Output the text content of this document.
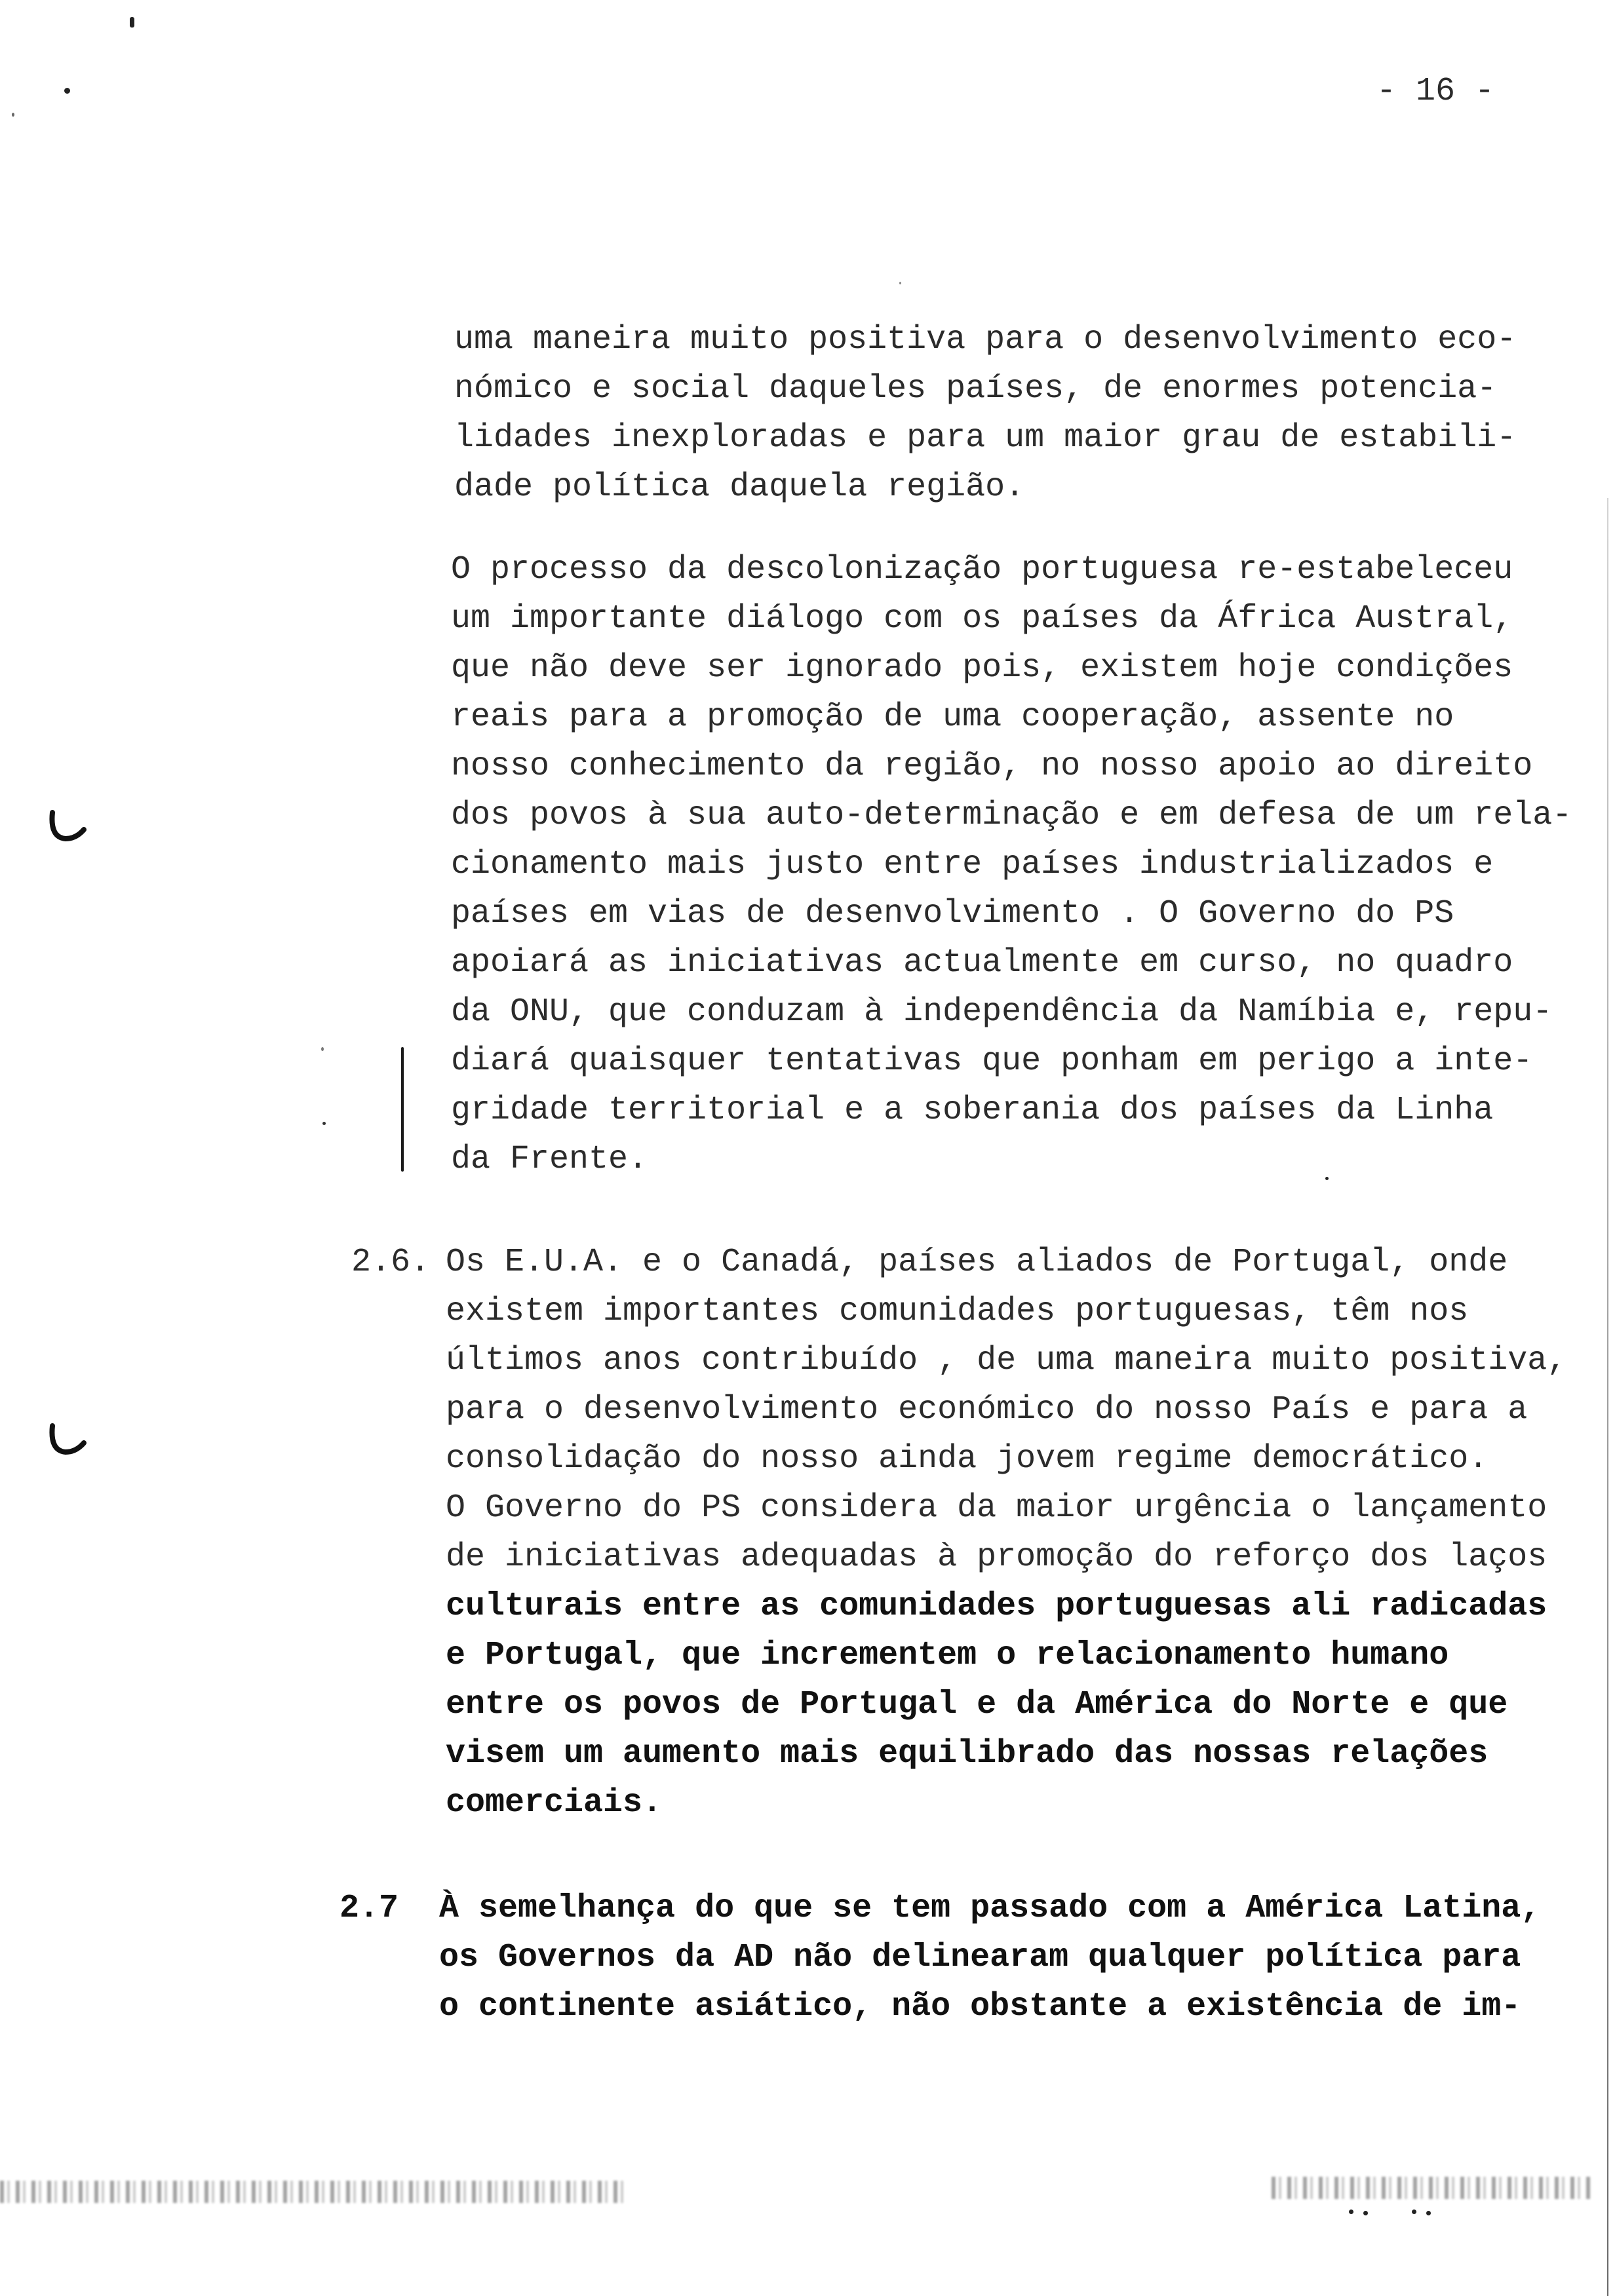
- 16 -
uma maneira muito positiva para o desenvolvimento eco-
nómico e social daqueles países, de enormes potencia-
lidades inexploradas e para um maior grau de estabili-
dade política daquela região.
O processo da descolonização portuguesa re-estabeleceu
um importante diálogo com os países da África Austral,
que não deve ser ignorado pois, existem hoje condições
reais para a promoção de uma cooperação, assente no
nosso conhecimento da região, no nosso apoio ao direito
dos povos à sua auto-determinação e em defesa de um rela-
cionamento mais justo entre países industrializados e
países em vias de desenvolvimento . O Governo do PS
apoiará as iniciativas actualmente em curso, no quadro
da ONU, que conduzam à independência da Namíbia e, repu-
diará quaisquer tentativas que ponham em perigo a inte-
gridade territorial e a soberania dos países da Linha
da Frente.
2.6. Os E.U.A. e o Canadá, países aliados de Portugal, onde
existem importantes comunidades portuguesas, têm nos
últimos anos contribuído , de uma maneira muito positiva,
para o desenvolvimento económico do nosso País e para a
consolidação do nosso ainda jovem regime democrático.
O Governo do PS considera da maior urgência o lançamento
de iniciativas adequadas à promoção do reforço dos laços
culturais entre as comunidades portuguesas ali radicadas
e Portugal, que incrementem o relacionamento humano
entre os povos de Portugal e da América do Norte e que
visem um aumento mais equilibrado das nossas relações
comerciais.
2.7 À semelhança do que se tem passado com a América Latina,
os Governos da AD não delinearam qualquer política para
o continente asiático, não obstante a existência de im-
